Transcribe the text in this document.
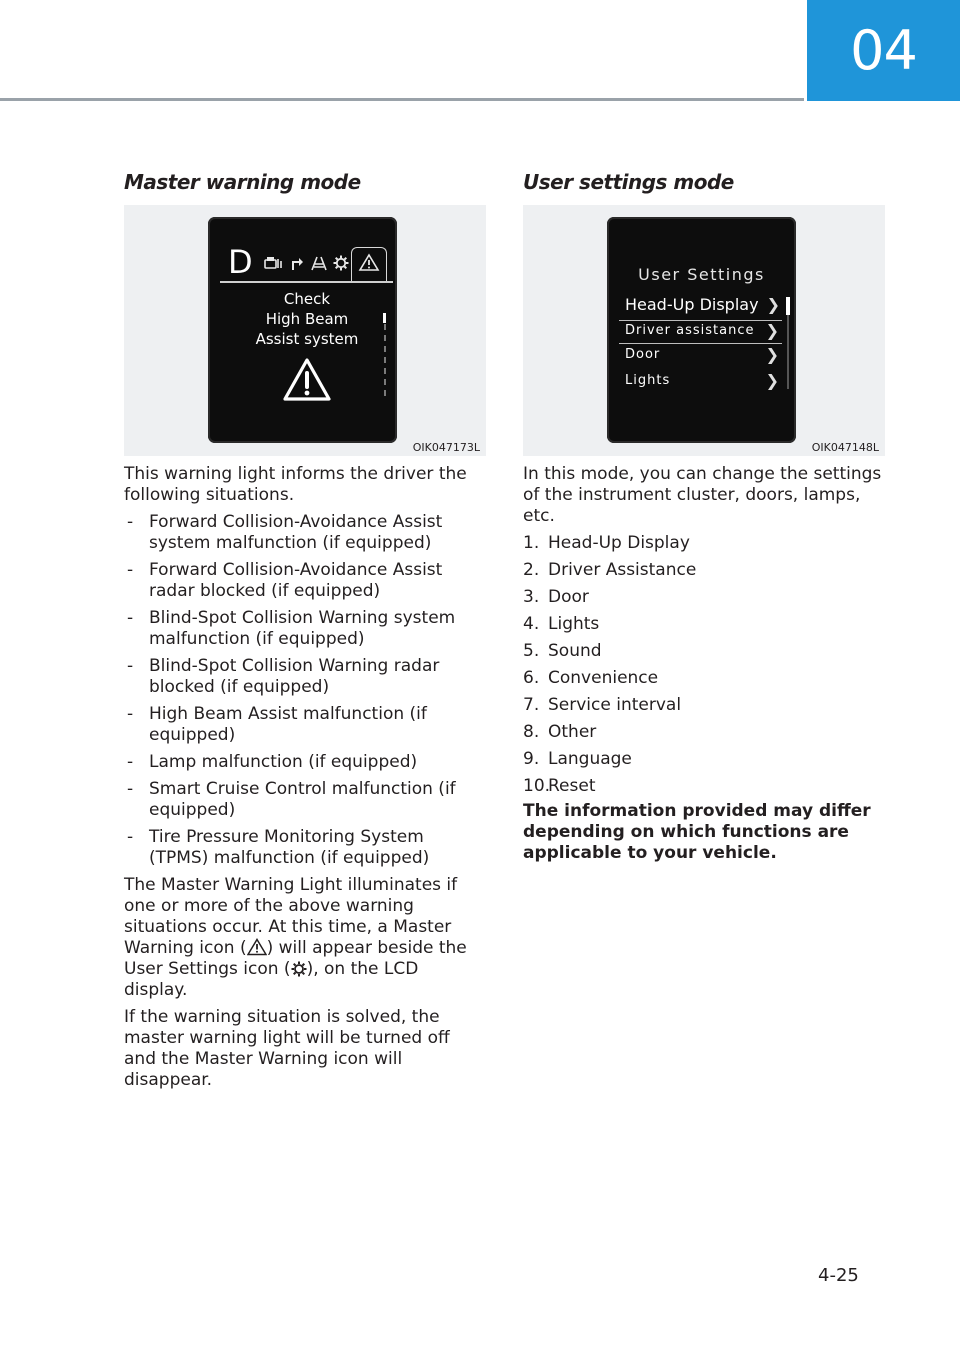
04
Master warning mode
D
Check
High Beam
Assist system
OIK047173L

This warning light informs the driver the following situations.

- Forward Collision-Avoidance Assist system malfunction (if equipped)
- Forward Collision-Avoidance Assist radar blocked (if equipped)
- Blind-Spot Collision Warning system malfunction (if equipped)
- Blind-Spot Collision Warning radar blocked (if equipped)
- High Beam Assist malfunction (if equipped)
- Lamp malfunction (if equipped)
- Smart Cruise Control malfunction (if equipped)
- Tire Pressure Monitoring System (TPMS) malfunction (if equipped)

The Master Warning Light illuminates if one or more of the above warning situations occur. At this time, a Master Warning icon ( ) will appear beside the User Settings icon ( ), on the LCD display.

If the warning situation is solved, the master warning light will be turned off and the Master Warning icon will disappear.

User settings mode
User Settings
Head-Up Display ❯
Driver assistance ❯
Door	❯
Lights	❯
OIK047148L

In this mode, you can change the settings of the instrument cluster, doors, lamps, etc.

1. Head-Up Display
2. Driver Assistance
3. Door
4. Lights
5. Sound
6. Convenience
7. Service interval
8. Other
9. Language
10.
Reset

The information provided may differ depending on which functions are applicable to your vehicle.

4-25
